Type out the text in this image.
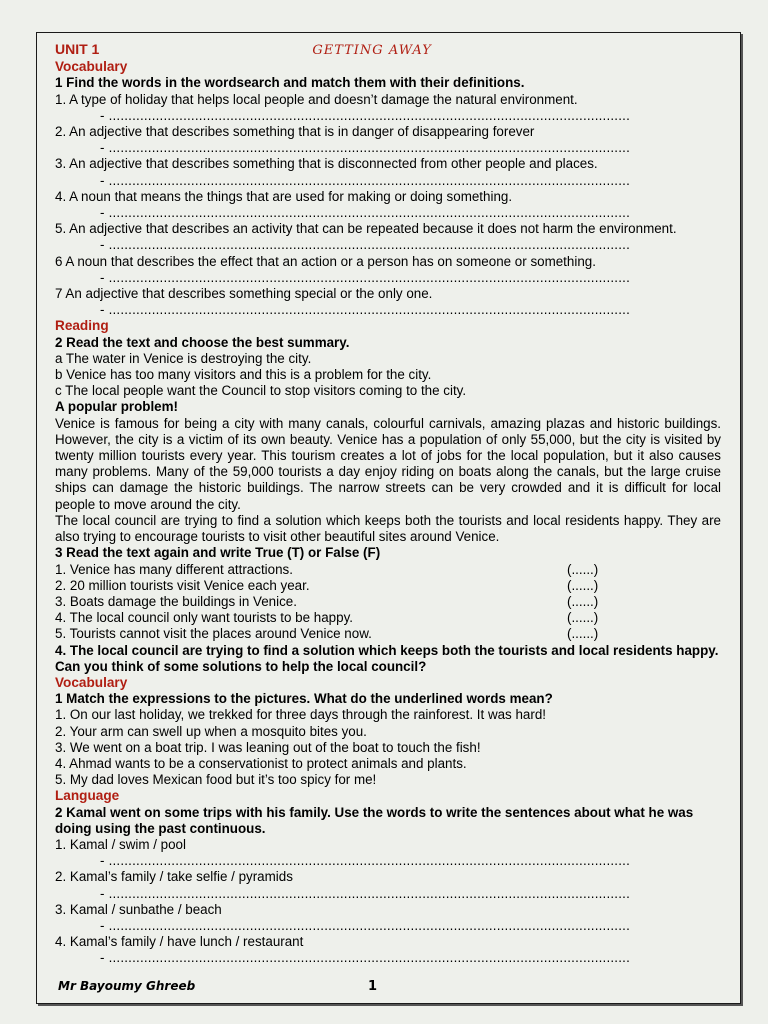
UNIT 1	GETTING AWAY
Vocabulary
1 Find the words in the wordsearch and match them with their definitions.
1. A type of holiday that helps local people and doesn’t damage the natural environment.
- .....................................................................................................................................
2. An adjective that describes something that is in danger of disappearing forever
- .....................................................................................................................................
3. An adjective that describes something that is disconnected from other people and places.
- .....................................................................................................................................
4. A noun that means the things that are used for making or doing something.
- .....................................................................................................................................
5. An adjective that describes an activity that can be repeated because it does not harm the environment.
- .....................................................................................................................................
6 A noun that describes the effect that an action or a person has on someone or something.
- .....................................................................................................................................
7 An adjective that describes something special or the only one.
- .....................................................................................................................................
Reading
2 Read the text and choose the best summary.
a The water in Venice is destroying the city.
b Venice has too many visitors and this is a problem for the city.
c The local people want the Council to stop visitors coming to the city.
A popular problem!
Venice is famous for being a city with many canals, colourful carnivals, amazing plazas and historic buildings. However, the city is a victim of its own beauty. Venice has a population of only 55,000, but the city is visited by twenty million tourists every year. This tourism creates a lot of jobs for the local population, but it also causes many problems. Many of the 59,000 tourists a day enjoy riding on boats along the canals, but the large cruise ships can damage the historic buildings. The narrow streets can be very crowded and it is difficult for local people to move around the city.
The local council are trying to find a solution which keeps both the tourists and local residents happy. They are also trying to encourage tourists to visit other beautiful sites around Venice.
3 Read the text again and write True (T) or False (F)
1. Venice has many different attractions.	(......)
2. 20 million tourists visit Venice each year.	(......)
3. Boats damage the buildings in Venice.	(......)
4. The local council only want tourists to be happy.	(......)
5. Tourists cannot visit the places around Venice now.	(......)
4. The local council are trying to find a solution which keeps both the tourists and local residents happy. Can you think of some solutions to help the local council?
Vocabulary
1 Match the expressions to the pictures. What do the underlined words mean?
1. On our last holiday, we trekked for three days through the rainforest. It was hard!
2. Your arm can swell up when a mosquito bites you.
3. We went on a boat trip. I was leaning out of the boat to touch the fish!
4. Ahmad wants to be a conservationist to protect animals and plants.
5. My dad loves Mexican food but it’s too spicy for me!
Language
2 Kamal went on some trips with his family. Use the words to write the sentences about what he was doing using the past continuous.
1. Kamal / swim / pool
- .....................................................................................................................................
2. Kamal’s family / take selfie / pyramids
- .....................................................................................................................................
3. Kamal / sunbathe / beach
- .....................................................................................................................................
4. Kamal’s family / have lunch / restaurant
- .....................................................................................................................................
Mr Bayoumy Ghreeb	1
